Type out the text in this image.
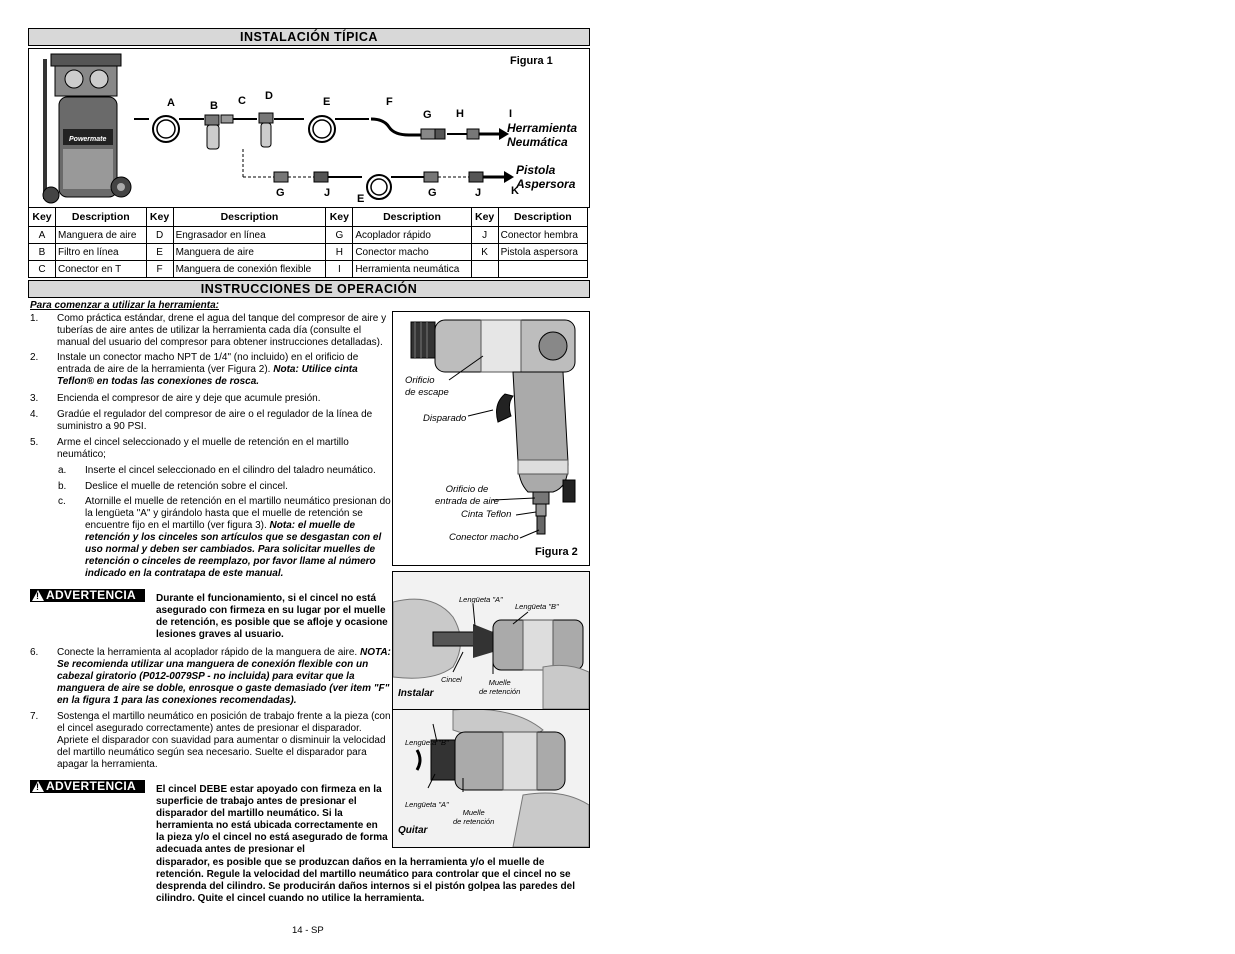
INSTALACIÓN TÍPICA
Figura 1
Powermate
A	B C D	E	F
G H	I
G	J E	G	J	K
Herramienta
Neumática
Pistola
Aspersora
Key	Description	Key	Description	Key	Description	Key	Description
A	Manguera de aire	D	Engrasador en línea	G	Acoplador rápido	J	Conector hembra
B	Filtro en línea	E	Manguera de aire	H	Conector macho	K	Pistola aspersora
C	Conector en T	F	Manguera de conexión flexible	I	Herramienta neumática		
INSTRUCCIONES DE OPERACIÓN
Para comenzar a utilizar la herramienta:
1. Como práctica estándar, drene el agua del tanque del compresor de aire y tuberías de aire antes de utilizar la herramienta cada día (consulte el manual del usuario del compresor para obtener instrucciones detalladas).
2. Instale un conector macho NPT de 1/4" (no incluido) en el orificio de entrada de aire de la herramienta (ver Figura 2). Nota: Utilice cinta Teflon® en todas las conexiones de rosca.
3. Encienda el compresor de aire y deje que acumule presión.
4. Gradúe el regulador del compresor de aire o el regulador de la línea de suministro a 90 PSI.
5. Arme el cincel seleccionado y el muelle de retención en el martillo neumático;
a. Inserte el cincel seleccionado en el cilindro del taladro neumático.
b. Deslice el muelle de retención sobre el cincel.
c. Atornille el muelle de retención en el martillo neumático presionan do la lengüeta "A" y girándolo hasta que el muelle de retención se encuentre fijo en el martillo (ver figura 3). Nota: el muelle de retención y los cinceles son artículos que se desgastan con el uso normal y deben ser cambiados. Para solicitar muelles de retención o cinceles de reemplazo, por favor llame al número indicado en la contratapa de este manual.
! ADVERTENCIA Durante el funcionamiento, si el cincel no está asegurado con firmeza en su lugar por el muelle de retención, es posible que se afloje y ocasione lesiones graves al usuario.
6. Conecte la herramienta al acoplador rápido de la manguera de aire. NOTA: Se recomienda utilizar una manguera de conexión flexible con un cabezal giratorio (P012-0079SP - no incluida) para evitar que la manguera de aire se doble, enrosque o gaste demasiado (ver item "F" en la figura 1 para las conexiones recomendadas).
7. Sostenga el martillo neumático en posición de trabajo frente a la pieza (con el cincel asegurado correctamente) antes de presionar el disparador. Apriete el disparador con suavidad para aumentar o disminuir la velocidad del martillo neumático según sea necesario. Suelte el disparador para apagar la herramienta.
! ADVERTENCIA El cincel DEBE estar apoyado con firmeza en la superficie de trabajo antes de presionar el disparador del martillo neumático. Si la herramienta no está ubicada correctamente en la pieza y/o el cincel no está asegurado de forma adecuada antes de presionar el
disparador, es posible que se produzcan daños en la herramienta y/o el muelle de retención. Regule la velocidad del martillo neumático para controlar que el cincel no se desprenda del cilindro. Se producirán daños internos si el pistón golpea las paredes del cilindro. Quite el cincel cuando no utilice la herramienta.
Orificio
de escape
Disparado
Orificio de
entrada de aire
Cinta Teflon
Conector macho
Figura 2
Lengüeta "A"
Lengüeta "B"
Cincel	Muelle
de retención
Instalar
Lengüeta "B"
Lengüeta "A"
Muelle
de retención
Quitar
14 - SP
